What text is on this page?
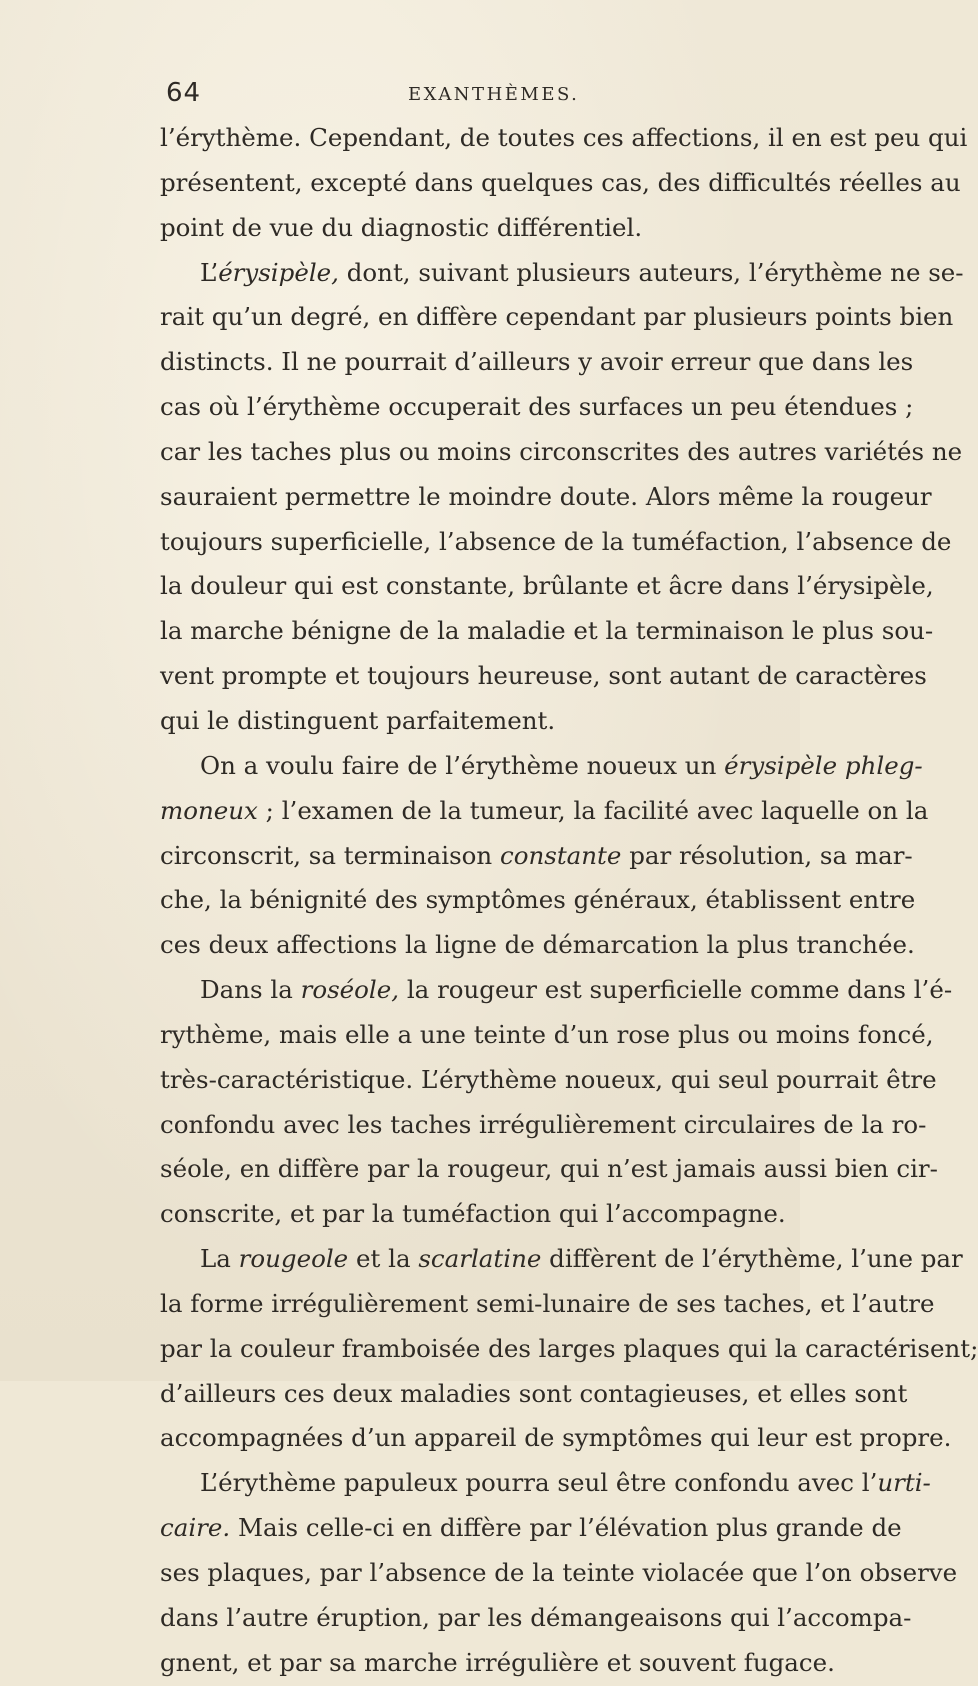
64	EXANTHÈMES.
l’érythème. Cependant, de toutes ces affections, il en est peu qui
présentent, excepté dans quelques cas, des difficultés réelles au
point de vue du diagnostic différentiel.
L’érysipèle, dont, suivant plusieurs auteurs, l’érythème ne se-
rait qu’un degré, en diffère cependant par plusieurs points bien
distincts. Il ne pourrait d’ailleurs y avoir erreur que dans les
cas où l’érythème occuperait des surfaces un peu étendues ;
car les taches plus ou moins circonscrites des autres variétés ne
sauraient permettre le moindre doute. Alors même la rougeur
toujours superficielle, l’absence de la tuméfaction, l’absence de
la douleur qui est constante, brûlante et âcre dans l’érysipèle,
la marche bénigne de la maladie et la terminaison le plus sou-
vent prompte et toujours heureuse, sont autant de caractères
qui le distinguent parfaitement.
On a voulu faire de l’érythème noueux un érysipèle phleg-
moneux ; l’examen de la tumeur, la facilité avec laquelle on la
circonscrit, sa terminaison constante par résolution, sa mar-
che, la bénignité des symptômes généraux, établissent entre
ces deux affections la ligne de démarcation la plus tranchée.
Dans la roséole, la rougeur est superficielle comme dans l’é-
rythème, mais elle a une teinte d’un rose plus ou moins foncé,
très-caractéristique. L’érythème noueux, qui seul pourrait être
confondu avec les taches irrégulièrement circulaires de la ro-
séole, en diffère par la rougeur, qui n’est jamais aussi bien cir-
conscrite, et par la tuméfaction qui l’accompagne.
La rougeole et la scarlatine diffèrent de l’érythème, l’une par
la forme irrégulièrement semi-lunaire de ses taches, et l’autre
par la couleur framboisée des larges plaques qui la caractérisent;
d’ailleurs ces deux maladies sont contagieuses, et elles sont
accompagnées d’un appareil de symptômes qui leur est propre.
L’érythème papuleux pourra seul être confondu avec l’urti-
caire. Mais celle-ci en diffère par l’élévation plus grande de
ses plaques, par l’absence de la teinte violacée que l’on observe
dans l’autre éruption, par les démangeaisons qui l’accompa-
gnent, et par sa marche irrégulière et souvent fugace.
